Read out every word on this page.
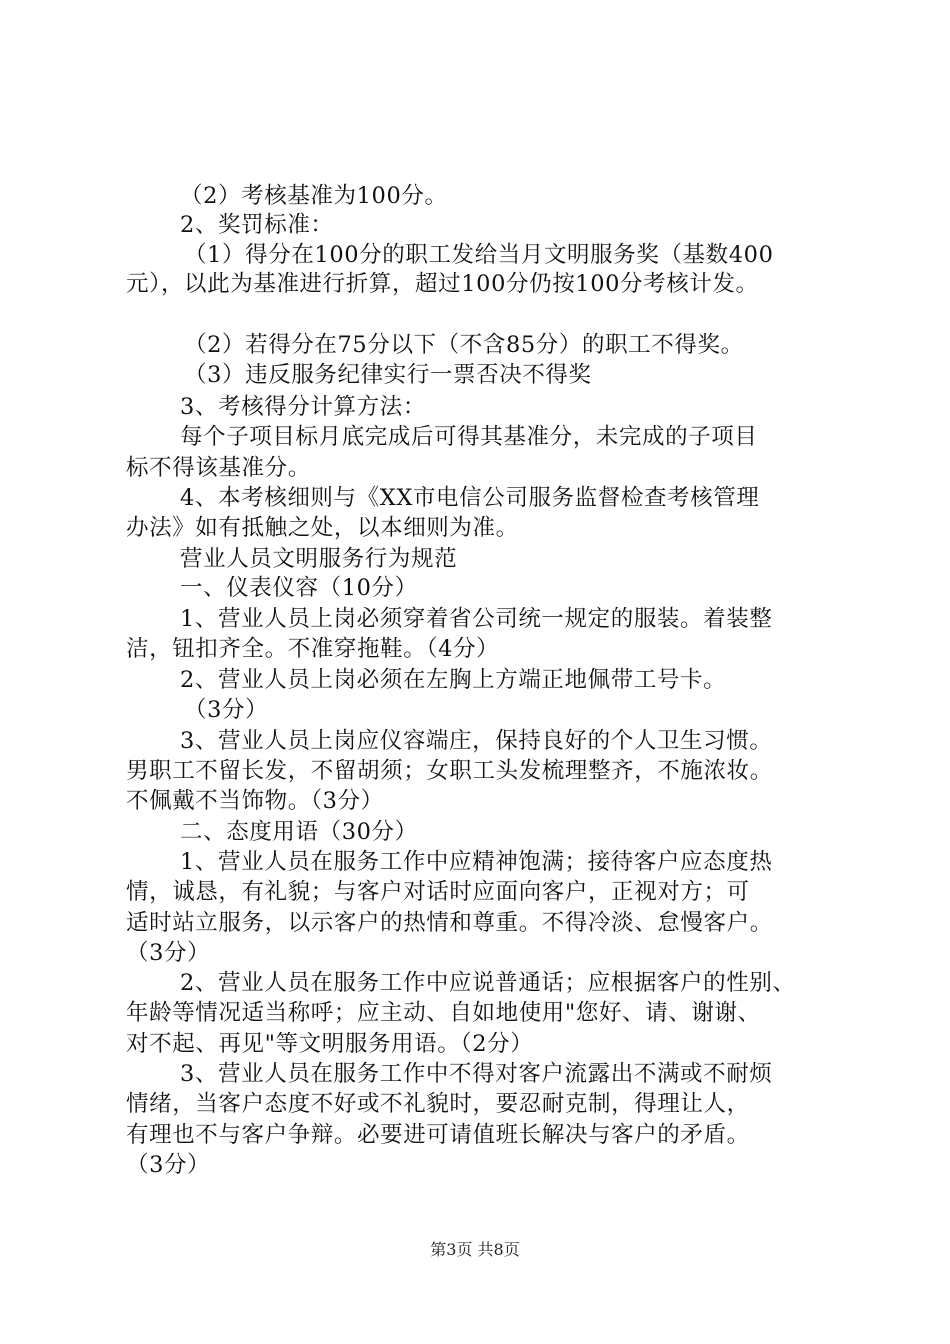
（2）考核基准为100分。
2、奖罚标准：
（1）得分在100分的职工发给当月文明服务奖（基数400
元），以此为基准进行折算，超过100分仍按100分考核计发。
（2）若得分在75分以下（不含85分）的职工不得奖。
（3）违反服务纪律实行一票否决不得奖
3、考核得分计算方法：
每个子项目标月底完成后可得其基准分，未完成的子项目
标不得该基准分。
4、本考核细则与《XX市电信公司服务监督检查考核管理
办法》如有抵触之处，以本细则为准。
营业人员文明服务行为规范
一、仪表仪容（10分）
1、营业人员上岗必须穿着省公司统一规定的服装。着装整
洁，钮扣齐全。不准穿拖鞋。（4分）
2、营业人员上岗必须在左胸上方端正地佩带工号卡。
（3分）
3、营业人员上岗应仪容端庄，保持良好的个人卫生习惯。
男职工不留长发，不留胡须；女职工头发梳理整齐，不施浓妆。
不佩戴不当饰物。（3分）
二、态度用语（30分）
1、营业人员在服务工作中应精神饱满；接待客户应态度热
情，诚恳，有礼貌；与客户对话时应面向客户，正视对方；可
适时站立服务，以示客户的热情和尊重。不得冷淡、怠慢客户。
（3分）
2、营业人员在服务工作中应说普通话；应根据客户的性别、
年龄等情况适当称呼；应主动、自如地使用"您好、请、谢谢、
对不起、再见"等文明服务用语。（2分）
3、营业人员在服务工作中不得对客户流露出不满或不耐烦
情绪，当客户态度不好或不礼貌时，要忍耐克制，得理让人，
有理也不与客户争辩。必要进可请值班长解决与客户的矛盾。
（3分）
第3页 共8页
